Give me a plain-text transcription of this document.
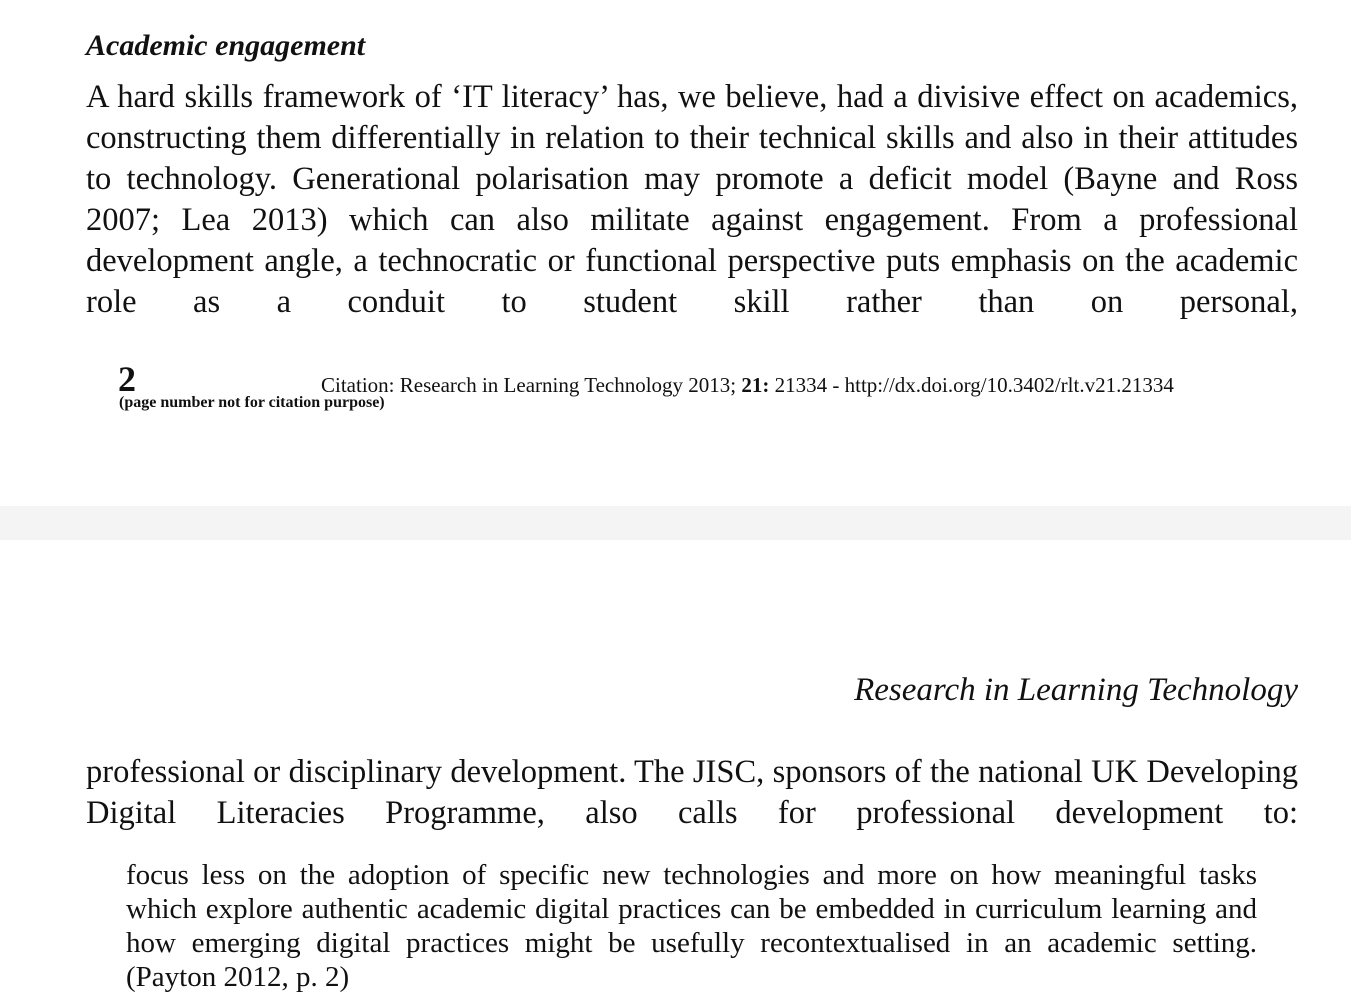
Academic engagement

A hard skills framework of ‘IT literacy’ has, we believe, had a divisive effect on academics, constructing them differentially in relation to their technical skills and also in their attitudes to technology. Generational polarisation may promote a deficit model (Bayne and Ross 2007; Lea 2013) which can also militate against engagement. From a professional development angle, a technocratic or functional perspective puts emphasis on the academic role as a conduit to student skill rather than on personal,

2
(page number not for citation purpose)
Citation: Research in Learning Technology 2013; 21: 21334 - http://dx.doi.org/10.3402/rlt.v21.21334
Research in Learning Technology

professional or disciplinary development. The JISC, sponsors of the national UK Developing Digital Literacies Programme, also calls for professional development to:

focus less on the adoption of specific new technologies and more on how meaningful tasks which explore authentic academic digital practices can be embedded in curriculum learning and how emerging digital practices might be usefully recontextualised in an academic setting. (Payton 2012, p. 2)
